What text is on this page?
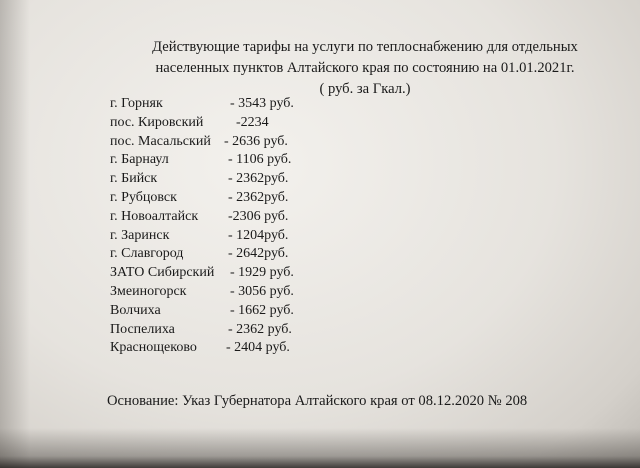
Действующие тарифы на услуги по теплоснабжению для отдельных
населенных пунктов Алтайского края по состоянию на 01.01.2021г.
( руб. за Гкал.)
г. Горняк	- 3543 руб.
пос. Кировский -2234
пос. Масальский - 2636 руб.
г. Барнаул	- 1106 руб.
г. Бийск	- 2362руб.
г. Рубцовск	- 2362руб.
г. Новоалтайск -2306 руб.
г. Заринск	- 1204руб.
г. Славгород	- 2642руб.
ЗАТО Сибирский - 1929 руб.
Змеиногорск	- 3056 руб.
Волчиха	- 1662 руб.
Поспелиха	- 2362 руб.
Краснощеково - 2404 руб.
Основание: Указ Губернатора Алтайского края от 08.12.2020 № 208
